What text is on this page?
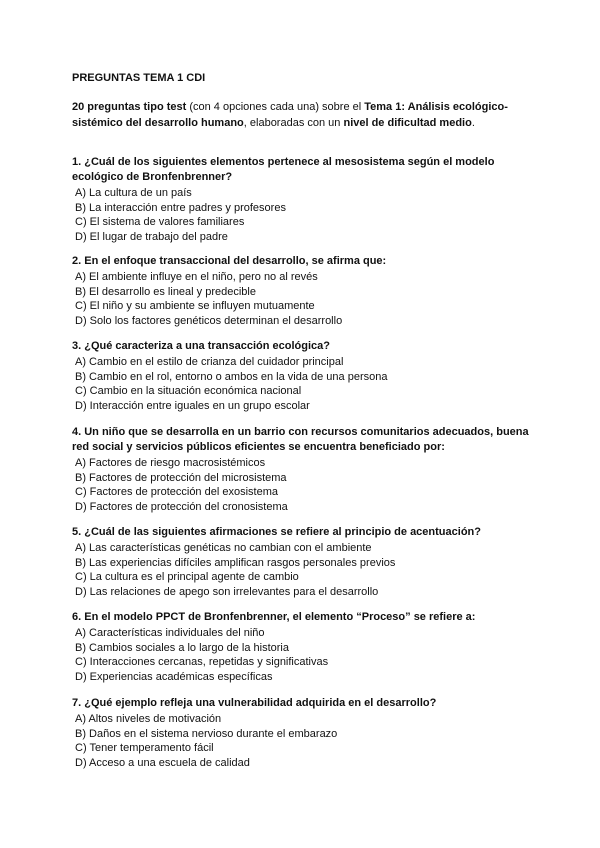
PREGUNTAS TEMA 1 CDI
20 preguntas tipo test (con 4 opciones cada una) sobre el Tema 1: Análisis ecológico-sistémico del desarrollo humano, elaboradas con un nivel de dificultad medio.
1. ¿Cuál de los siguientes elementos pertenece al mesosistema según el modelo ecológico de Bronfenbrenner?
A) La cultura de un país
B) La interacción entre padres y profesores
C) El sistema de valores familiares
D) El lugar de trabajo del padre
2. En el enfoque transaccional del desarrollo, se afirma que:
A) El ambiente influye en el niño, pero no al revés
B) El desarrollo es lineal y predecible
C) El niño y su ambiente se influyen mutuamente
D) Solo los factores genéticos determinan el desarrollo
3. ¿Qué caracteriza a una transacción ecológica?
A) Cambio en el estilo de crianza del cuidador principal
B) Cambio en el rol, entorno o ambos en la vida de una persona
C) Cambio en la situación económica nacional
D) Interacción entre iguales en un grupo escolar
4. Un niño que se desarrolla en un barrio con recursos comunitarios adecuados, buena red social y servicios públicos eficientes se encuentra beneficiado por:
A) Factores de riesgo macrosistémicos
B) Factores de protección del microsistema
C) Factores de protección del exosistema
D) Factores de protección del cronosistema
5. ¿Cuál de las siguientes afirmaciones se refiere al principio de acentuación?
A) Las características genéticas no cambian con el ambiente
B) Las experiencias difíciles amplifican rasgos personales previos
C) La cultura es el principal agente de cambio
D) Las relaciones de apego son irrelevantes para el desarrollo
6. En el modelo PPCT de Bronfenbrenner, el elemento “Proceso” se refiere a:
A) Características individuales del niño
B) Cambios sociales a lo largo de la historia
C) Interacciones cercanas, repetidas y significativas
D) Experiencias académicas específicas
7. ¿Qué ejemplo refleja una vulnerabilidad adquirida en el desarrollo?
A) Altos niveles de motivación
B) Daños en el sistema nervioso durante el embarazo
C) Tener temperamento fácil
D) Acceso a una escuela de calidad
